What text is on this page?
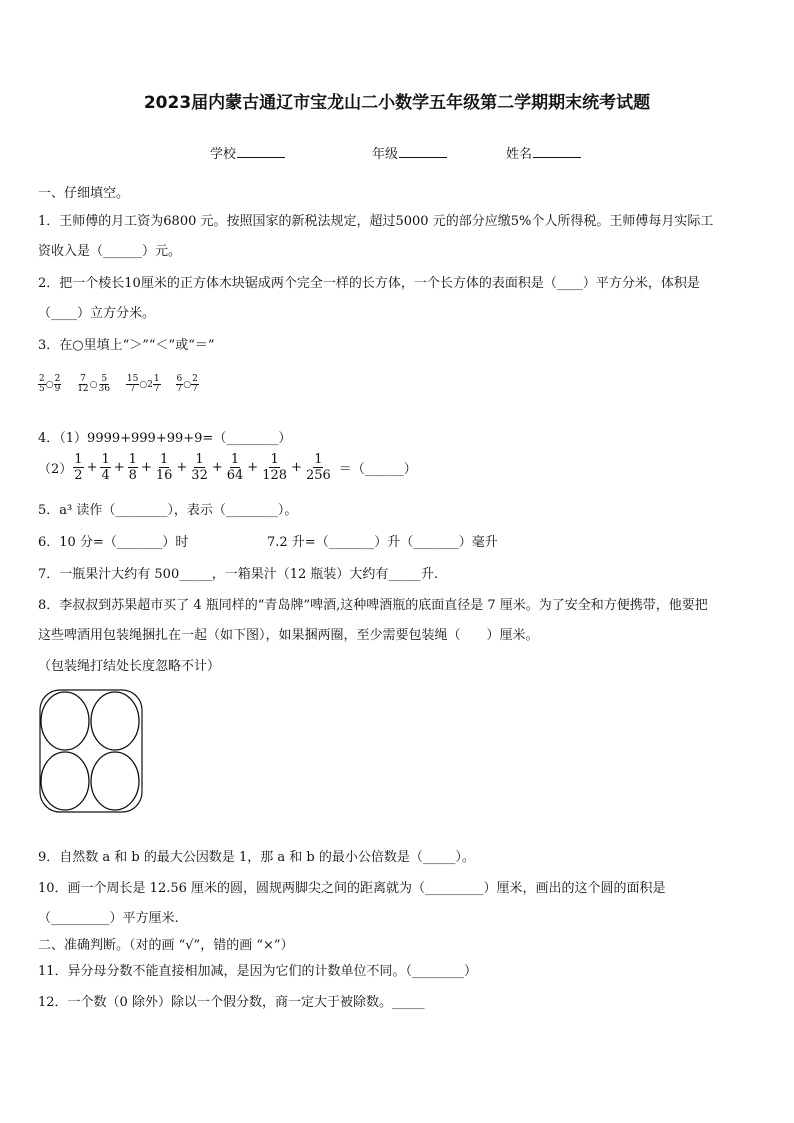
2023届内蒙古通辽市宝龙山二小数学五年级第二学期期末统考试题
学校	年级	姓名
一、仔细填空。
1．王师傅的月工资为6800 元。按照国家的新税法规定，超过5000 元的部分应缴5%个人所得税。王师傅每月实际工
资收入是（______）元。
2．把一个棱长10厘米的正方体木块锯成两个完全一样的长方体，一个长方体的表面积是（____）平方分米，体积是
（____）立方分米。
3．在○里填上“＞”“＜”或“＝”
$\frac{2}{5}$ ○ $\frac{2}{9}$
$\frac{7}{12}$ ○ $\frac{5}{36}$
$\frac{15}{7}$ ○2 $\frac{1}{7}$
$\frac{6}{7}$ ○ $\frac{2}{7}$
4．（1）9999+999+99+9=（________）
$(2) \frac{1}{2} + \frac{1}{4} + \frac{1}{8} + \frac{1}{16} + \frac{1}{32} + \frac{1}{64} + \frac{1}{128} + \frac{1}{256}$ ＝（______）
5．a³ 读作（________），表示（________）。
6．10 分=（_______）时	7.2 升=（_______）升（_______）毫升
7．一瓶果汁大约有 500_____，一箱果汁（12 瓶装）大约有_____升.
8．李叔叔到苏果超市买了 4 瓶同样的“青岛牌”啤酒,这种啤酒瓶的底面直径是 7 厘米。为了安全和方便携带，他要把
这些啤酒用包装绳捆扎在一起（如下图），如果捆两圈，至少需要包装绳（　　）厘米。
（包装绳打结处长度忽略不计）
9．自然数 a 和 b 的最大公因数是 1，那 a 和 b 的最小公倍数是（_____）。
10．画一个周长是 12.56 厘米的圆，圆规两脚尖之间的距离就为（_________）厘米，画出的这个圆的面积是
（_________）平方厘米.
二、准确判断。（对的画 “√”，错的画 “×”）
11．异分母分数不能直接相加减，是因为它们的计数单位不同。（________）
12．一个数（0 除外）除以一个假分数，商一定大于被除数。_____
